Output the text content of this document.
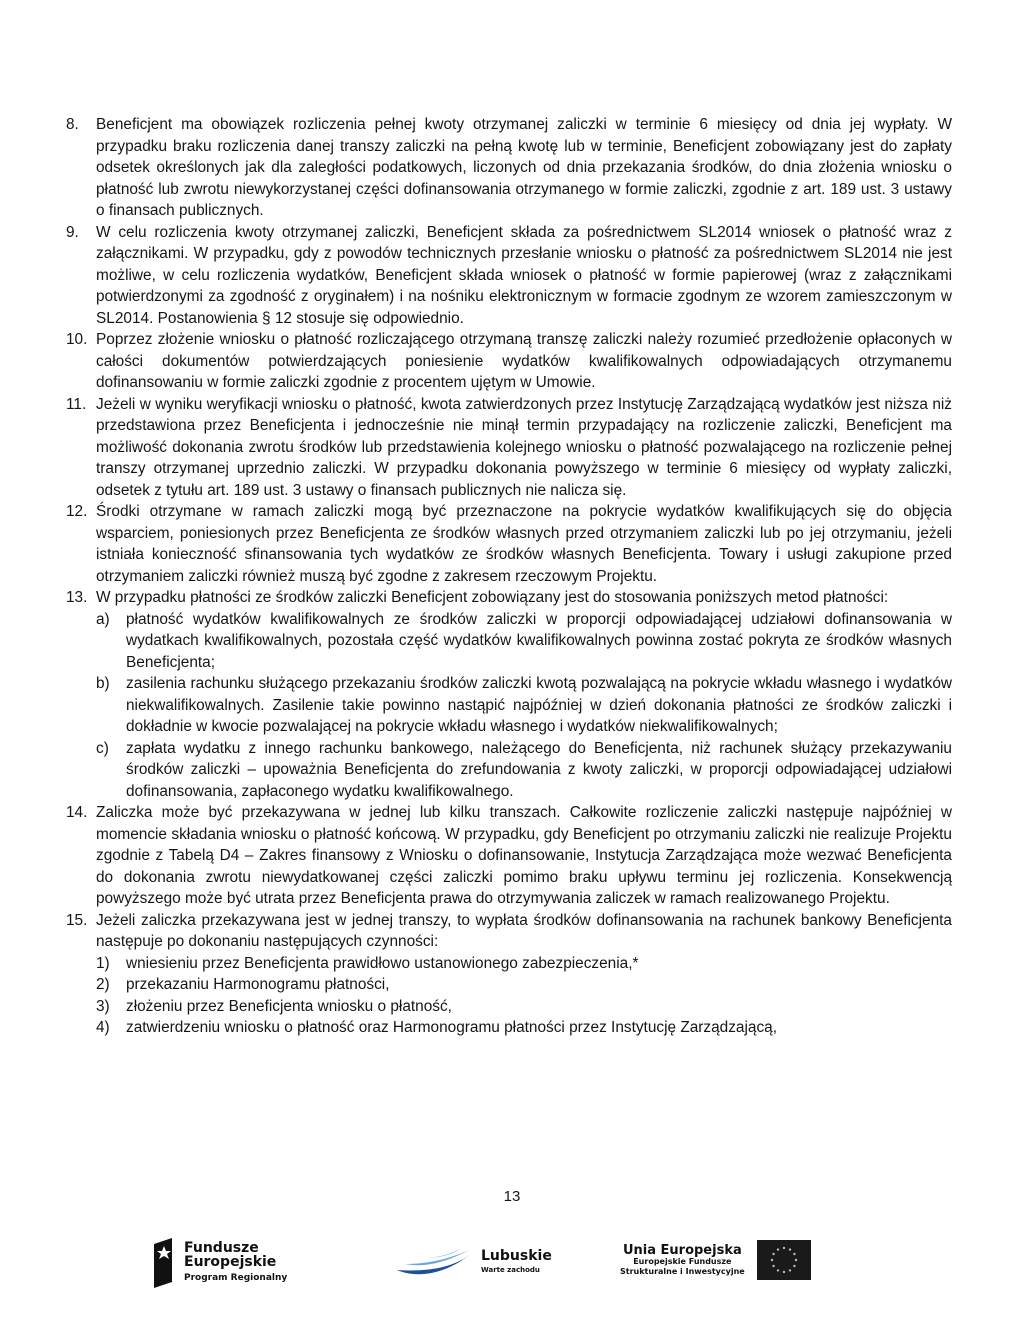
8. Beneficjent ma obowiązek rozliczenia pełnej kwoty otrzymanej zaliczki w terminie 6 miesięcy od dnia jej wypłaty. W przypadku braku rozliczenia danej transzy zaliczki na pełną kwotę lub w terminie, Beneficjent zobowiązany jest do zapłaty odsetek określonych jak dla zaległości podatkowych, liczonych od dnia przekazania środków, do dnia złożenia wniosku o płatność lub zwrotu niewykorzystanej części dofinansowania otrzymanego w formie zaliczki, zgodnie z art. 189 ust. 3 ustawy o finansach publicznych.

9. W celu rozliczenia kwoty otrzymanej zaliczki, Beneficjent składa za pośrednictwem SL2014 wniosek o płatność wraz z załącznikami. W przypadku, gdy z powodów technicznych przesłanie wniosku o płatność za pośrednictwem SL2014 nie jest możliwe, w celu rozliczenia wydatków, Beneficjent składa wniosek o płatność w formie papierowej (wraz z załącznikami potwierdzonymi za zgodność z oryginałem) i na nośniku elektronicznym w formacie zgodnym ze wzorem zamieszczonym w SL2014. Postanowienia § 12 stosuje się odpowiednio.

10. Poprzez złożenie wniosku o płatność rozliczającego otrzymaną transzę zaliczki należy rozumieć przedłożenie opłaconych w całości dokumentów potwierdzających poniesienie wydatków kwalifikowalnych odpowiadających otrzymanemu dofinansowaniu w formie zaliczki zgodnie z procentem ujętym w Umowie.

11. Jeżeli w wyniku weryfikacji wniosku o płatność, kwota zatwierdzonych przez Instytucję Zarządzającą wydatków jest niższa niż przedstawiona przez Beneficjenta i jednocześnie nie minął termin przypadający na rozliczenie zaliczki, Beneficjent ma możliwość dokonania zwrotu środków lub przedstawienia kolejnego wniosku o płatność pozwalającego na rozliczenie pełnej transzy otrzymanej uprzednio zaliczki. W przypadku dokonania powyższego w terminie 6 miesięcy od wypłaty zaliczki, odsetek z tytułu art. 189 ust. 3 ustawy o finansach publicznych nie nalicza się.

12. Środki otrzymane w ramach zaliczki mogą być przeznaczone na pokrycie wydatków kwalifikujących się do objęcia wsparciem, poniesionych przez Beneficjenta ze środków własnych przed otrzymaniem zaliczki lub po jej otrzymaniu, jeżeli istniała konieczność sfinansowania tych wydatków ze środków własnych Beneficjenta. Towary i usługi zakupione przed otrzymaniem zaliczki również muszą być zgodne z zakresem rzeczowym Projektu.

13. W przypadku płatności ze środków zaliczki Beneficjent zobowiązany jest do stosowania poniższych metod płatności:

a) płatność wydatków kwalifikowalnych ze środków zaliczki w proporcji odpowiadającej udziałowi dofinansowania w wydatkach kwalifikowalnych, pozostała część wydatków kwalifikowalnych powinna zostać pokryta ze środków własnych Beneficjenta;

b) zasilenia rachunku służącego przekazaniu środków zaliczki kwotą pozwalającą na pokrycie wkładu własnego i wydatków niekwalifikowalnych. Zasilenie takie powinno nastąpić najpóźniej w dzień dokonania płatności ze środków zaliczki i dokładnie w kwocie pozwalającej na pokrycie wkładu własnego i wydatków niekwalifikowalnych;

c) zapłata wydatku z innego rachunku bankowego, należącego do Beneficjenta, niż rachunek służący przekazywaniu środków zaliczki – upoważnia Beneficjenta do zrefundowania z kwoty zaliczki, w proporcji odpowiadającej udziałowi dofinansowania, zapłaconego wydatku kwalifikowalnego.

14. Zaliczka może być przekazywana w jednej lub kilku transzach. Całkowite rozliczenie zaliczki następuje najpóźniej w momencie składania wniosku o płatność końcową. W przypadku, gdy Beneficjent po otrzymaniu zaliczki nie realizuje Projektu zgodnie z Tabelą D4 – Zakres finansowy z Wniosku o dofinansowanie, Instytucja Zarządzająca może wezwać Beneficjenta do dokonania zwrotu niewydatkowanej części zaliczki pomimo braku upływu terminu jej rozliczenia. Konsekwencją powyższego może być utrata przez Beneficjenta prawa do otrzymywania zaliczek w ramach realizowanego Projektu.

15. Jeżeli zaliczka przekazywana jest w jednej transzy, to wypłata środków dofinansowania na rachunek bankowy Beneficjenta następuje po dokonaniu następujących czynności:

1) wniesieniu przez Beneficjenta prawidłowo ustanowionego zabezpieczenia,*

2) przekazaniu Harmonogramu płatności,

3) złożeniu przez Beneficjenta wniosku o płatność,

4) zatwierdzeniu wniosku o płatność oraz Harmonogramu płatności przez Instytucję Zarządzającą,

13
Fundusze
Europejskie
Program Regionalny
Lubuskie
Warte zachodu
Unia Europejska
Europejskie Fundusze
Strukturalne i Inwestycyjne
